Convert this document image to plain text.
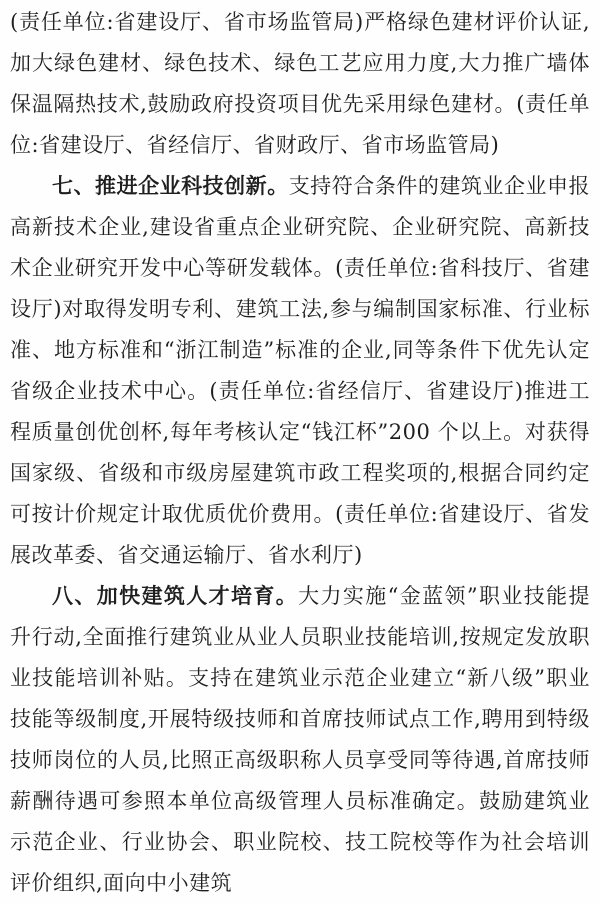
(责任单位:省建设厅、省市场监管局)严格绿色建材评价认证,加大绿色建材、绿色技术、绿色工艺应用力度,大力推广墙体保温隔热技术,鼓励政府投资项目优先采用绿色建材。(责任单位:省建设厅、省经信厅、省财政厅、省市场监管局)

七、推进企业科技创新。支持符合条件的建筑业企业申报高新技术企业,建设省重点企业研究院、企业研究院、高新技术企业研究开发中心等研发载体。(责任单位:省科技厅、省建设厅)对取得发明专利、建筑工法,参与编制国家标准、行业标准、地方标准和“浙江制造”标准的企业,同等条件下优先认定省级企业技术中心。(责任单位:省经信厅、省建设厅)推进工程质量创优创杯,每年考核认定“钱江杯”200 个以上。对获得国家级、省级和市级房屋建筑市政工程奖项的,根据合同约定可按计价规定计取优质优价费用。(责任单位:省建设厅、省发展改革委、省交通运输厅、省水利厅)

八、加快建筑人才培育。大力实施“金蓝领”职业技能提升行动,全面推行建筑业从业人员职业技能培训,按规定发放职业技能培训补贴。支持在建筑业示范企业建立“新八级”职业技能等级制度,开展特级技师和首席技师试点工作,聘用到特级技师岗位的人员,比照正高级职称人员享受同等待遇,首席技师薪酬待遇可参照本单位高级管理人员标准确定。鼓励建筑业示范企业、行业协会、职业院校、技工院校等作为社会培训评价组织,面向中小建筑
